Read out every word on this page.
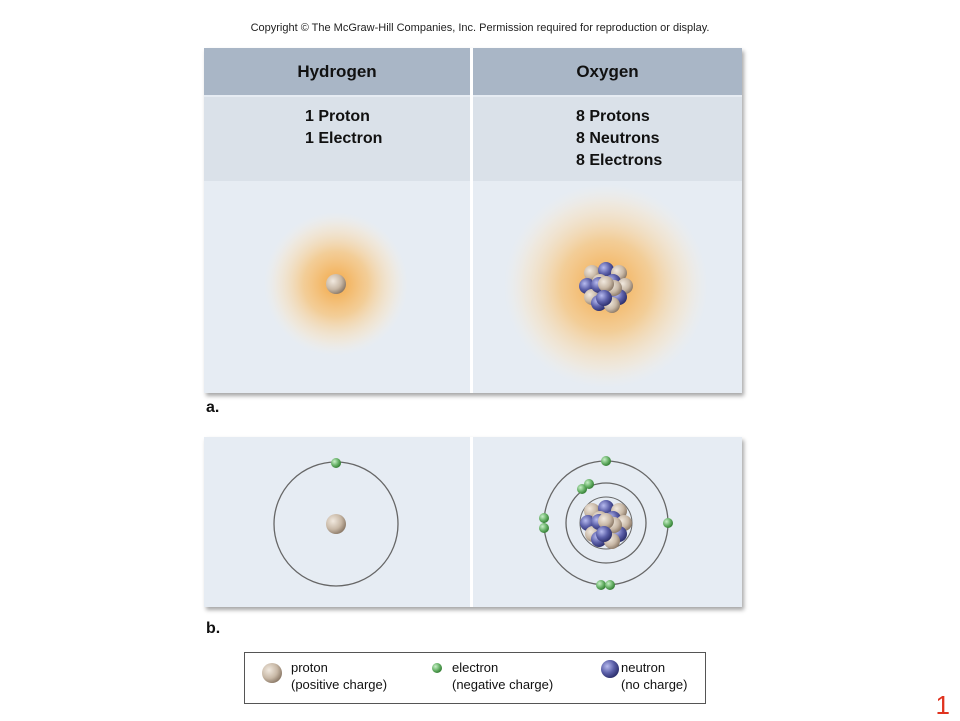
Copyright © The McGraw-Hill Companies, Inc. Permission required for reproduction or display.
Hydrogen	Oxygen
1 Proton
1 Electron
8 Protons
8 Neutrons
8 Electrons
a.
b.
proton
(positive charge)
electron
(negative charge)
neutron
(no charge)
1
